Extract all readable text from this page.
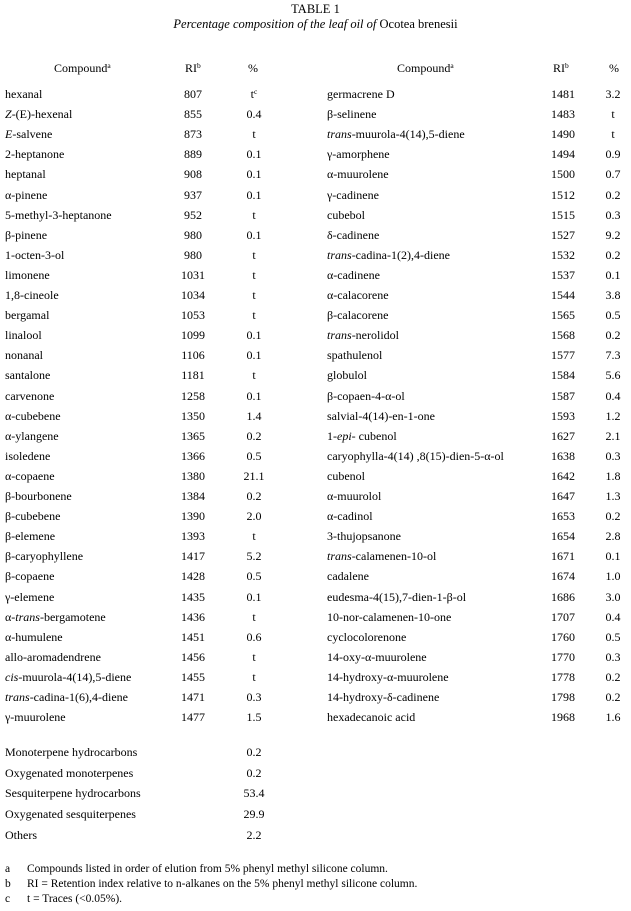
TABLE 1
Percentage composition of the leaf oil of Ocotea brenesii
Compound$^a$	$RI^b$	%	Compound$^a$	$RI^b$	%
hexanal	807	$t^c$
Z-(E)-hexenal	855	0.4
E-salvene	873	t
2-heptanone	889	0.1
heptanal	908	0.1
α-pinene	937	0.1
5-methyl-3-heptanone	952	t
β-pinene	980	0.1
1-octen-3-ol	980	t
limonene	1031	t
1,8-cineole	1034	t
bergamal	1053	t
linalool	1099	0.1
nonanal	1106	0.1
santalone	1181	t
carvenone	1258	0.1
α-cubebene	1350	1.4
α-ylangene	1365	0.2
isoledene	1366	0.5
α-copaene	1380	21.1
β-bourbonene	1384	0.2
β-cubebene	1390	2.0
β-elemene	1393	t
β-caryophyllene	1417	5.2
β-copaene	1428	0.5
γ-elemene	1435	0.1
α-trans-bergamotene	1436	t
α-humulene	1451	0.6
allo-aromadendrene	1456	t
cis-muurola-4(14),5-diene	1455	t
trans-cadina-1(6),4-diene	1471	0.3
γ-muurolene	1477	1.5
germacrene D	1481	3.2
β-selinene	1483	t
trans-muurola-4(14),5-diene	1490	t
γ-amorphene	1494	0.9
α-muurolene	1500	0.7
γ-cadinene	1512	0.2
cubebol	1515	0.3
δ-cadinene	1527	9.2
trans-cadina-1(2),4-diene	1532	0.2
α-cadinene	1537	0.1
α-calacorene	1544	3.8
β-calacorene	1565	0.5
trans-nerolidol	1568	0.2
spathulenol	1577	7.3
globulol	1584	5.6
β-copaen-4-α-ol	1587	0.4
salvial-4(14)-en-1-one	1593	1.2
1-epi- cubenol	1627	2.1
caryophylla-4(14) ,8(15)-dien-5-α-ol	1638	0.3
cubenol	1642	1.8
α-muurolol	1647	1.3
α-cadinol	1653	0.2
3-thujopsanone	1654	2.8
trans-calamenen-10-ol	1671	0.1
cadalene	1674	1.0
eudesma-4(15),7-dien-1-β-ol	1686	3.0
10-nor-calamenen-10-one	1707	0.4
cyclocolorenone	1760	0.5
14-oxy-α-muurolene	1770	0.3
14-hydroxy-α-muurolene	1778	0.2
14-hydroxy-δ-cadinene	1798	0.2
hexadecanoic acid	1968	1.6
Monoterpene hydrocarbons	0.2
Oxygenated monoterpenes	0.2
Sesquiterpene hydrocarbons	53.4
Oxygenated sesquiterpenes	29.9
Others	2.2
a Compounds listed in order of elution from 5% phenyl methyl silicone column.
b RI = Retention index relative to n-alkanes on the 5% phenyl methyl silicone column.
c t = Traces (<0.05%).
